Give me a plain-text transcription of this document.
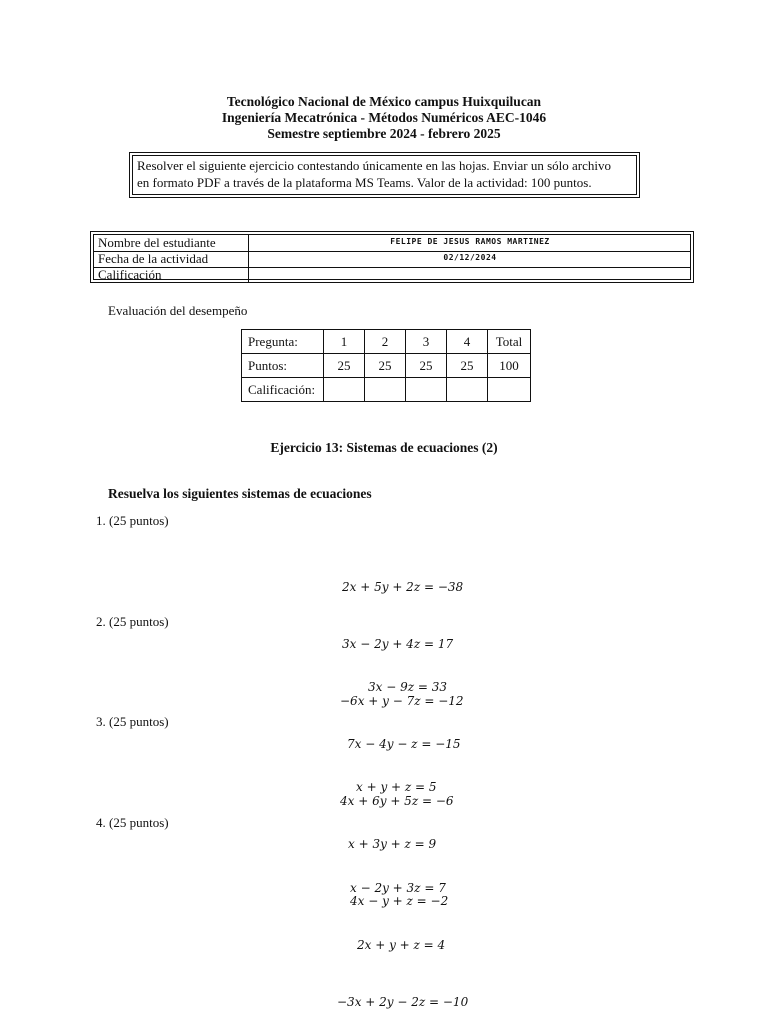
Tecnológico Nacional de México campus Huixquilucan
Ingeniería Mecatrónica - Métodos Numéricos AEC-1046
Semestre septiembre 2024 - febrero 2025
Resolver el siguiente ejercicio contestando únicamente en las hojas. Enviar un sólo archivo
en formato PDF a través de la plataforma MS Teams. Valor de la actividad: 100 puntos.
Nombre del estudiante	FELIPE DE JESUS RAMOS MARTINEZ
Fecha de la actividad	02/12/2024
Calificación
Evaluación del desempeño
Pregunta:	1	2	3	4	Total
Puntos:	25	25	25	25	100
Calificación:					
Ejercicio 13: Sistemas de ecuaciones (2)
Resuelva los siguientes sistemas de ecuaciones
1. (25 puntos)

2x + 5y + 2z = −38

3x − 2y + 4z = 17

−6x + y − 7z = −12

2. (25 puntos)

3x − 9z = 33

7x − 4y − z = −15

4x + 6y + 5z = −6

3. (25 puntos)

x + y + z = 5

x + 3y + z = 9

4x − y + z = −2

4. (25 puntos)

x − 2y + 3z = 7

2x + y + z = 4

−3x + 2y − 2z = −10
